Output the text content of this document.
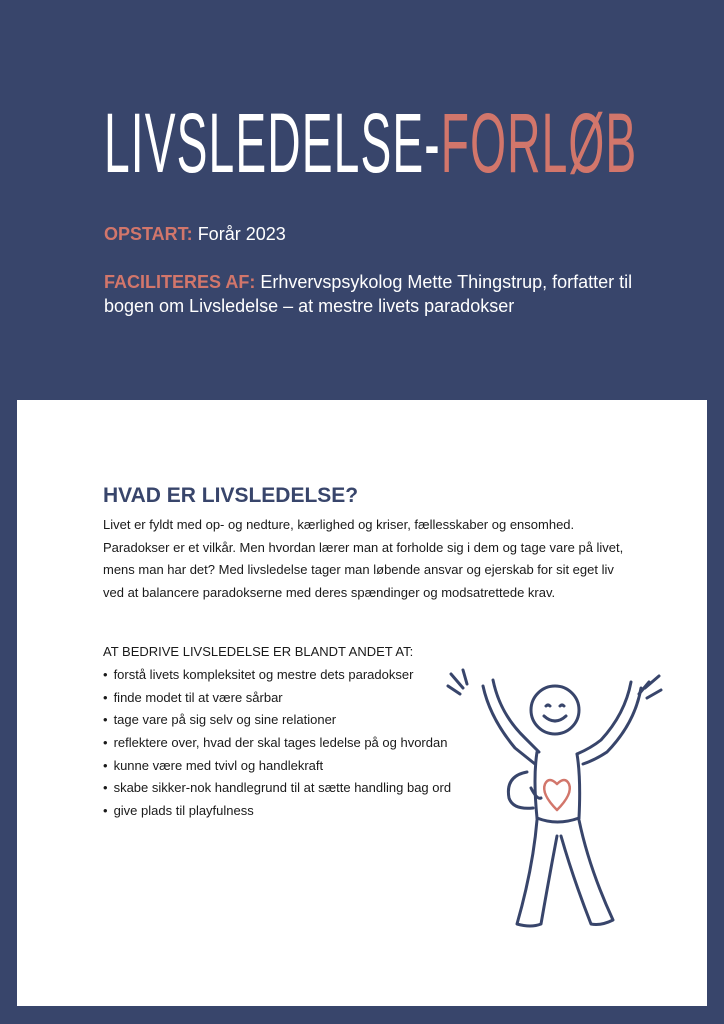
LIVSLEDELSE-FORLØB
OPSTART: Forår 2023
FACILITERES AF: Erhvervspsykolog Mette Thingstrup, forfatter til bogen om Livsledelse – at mestre livets paradokser
HVAD ER LIVSLEDELSE?

Livet er fyldt med op- og nedture, kærlighed og kriser, fællesskaber og ensomhed. Paradokser er et vilkår. Men hvordan lærer man at forholde sig i dem og tage vare på livet, mens man har det? Med livsledelse tager man løbende ansvar og ejerskab for sit eget liv ved at balancere paradokserne med deres spændinger og modsatrettede krav.

AT BEDRIVE LIVSLEDELSE ER BLANDT ANDET AT:
• forstå livets kompleksitet og mestre dets paradokser
• finde modet til at være sårbar
• tage vare på sig selv og sine relationer
• reflektere over, hvad der skal tages ledelse på og hvordan
• kunne være med tvivl og handlekraft
• skabe sikker-nok handlegrund til at sætte handling bag ord
• give plads til playfulness
